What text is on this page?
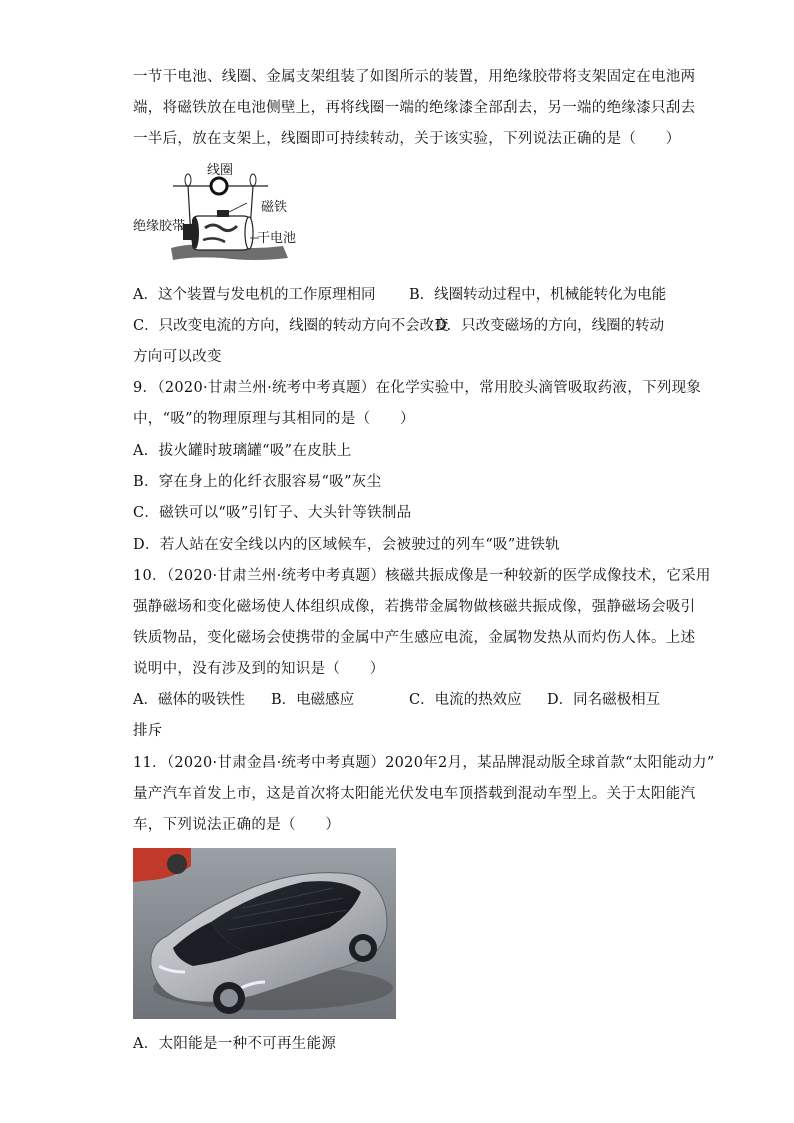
一节干电池、线圈、金属支架组装了如图所示的装置，用绝缘胶带将支架固定在电池两
端，将磁铁放在电池侧壁上，再将线圈一端的绝缘漆全部刮去，另一端的绝缘漆只刮去
一半后，放在支架上，线圈即可持续转动，关于该实验，下列说法正确的是（　　）
线圈
磁铁
绝缘胶带
干电池
A．这个装置与发电机的工作原理相同 B．线圈转动过程中，机械能转化为电能
C．只改变电流的方向，线圈的转动方向不会改变
D．只改变磁场的方向，线圈的转动
方向可以改变
9．（2020·甘肃兰州·统考中考真题）在化学实验中，常用胶头滴管吸取药液，下列现象
中，“吸”的物理原理与其相同的是（　　）
A．拔火罐时玻璃罐“吸”在皮肤上
B．穿在身上的化纤衣服容易“吸”灰尘
C．磁铁可以“吸”引钉子、大头针等铁制品
D．若人站在安全线以内的区域候车，会被驶过的列车“吸”进铁轨
10．（2020·甘肃兰州·统考中考真题）核磁共振成像是一种较新的医学成像技术，它采用
强静磁场和变化磁场使人体组织成像，若携带金属物做核磁共振成像，强静磁场会吸引
铁质物品，变化磁场会使携带的金属中产生感应电流，金属物发热从而灼伤人体。上述
说明中，没有涉及到的知识是（　　）
A．磁体的吸铁性 B．电磁感应	C．电流的热效应 D．同名磁极相互
排斥
11．（2020·甘肃金昌·统考中考真题）2020年2月，某品牌混动版全球首款“太阳能动力”
量产汽车首发上市，这是首次将太阳能光伏发电车顶搭载到混动车型上。关于太阳能汽
车，下列说法正确的是（　　）
A．太阳能是一种不可再生能源
